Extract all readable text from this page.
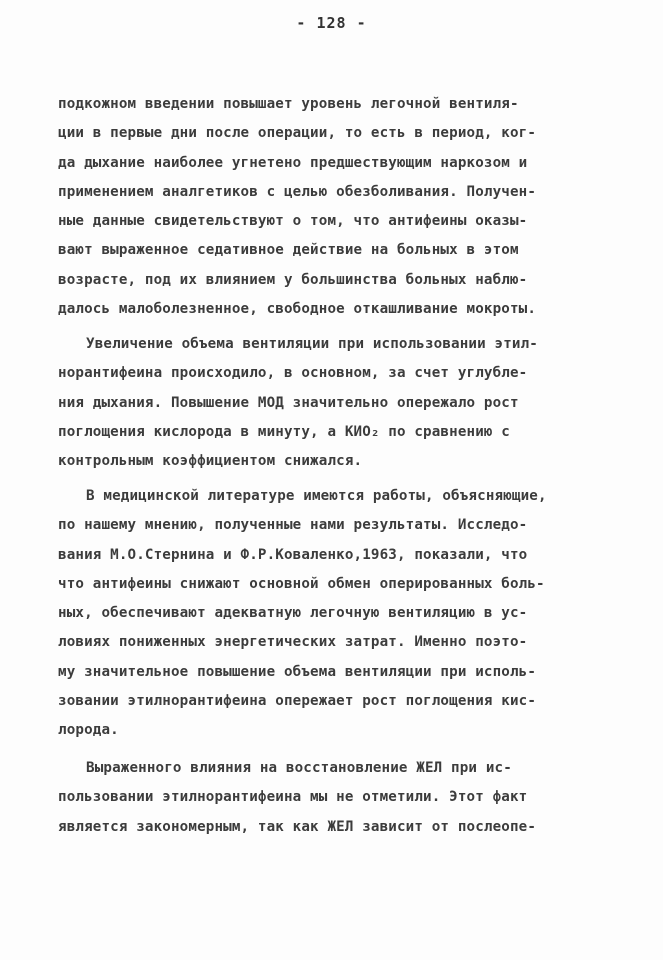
- 128 -
подкожном введении повышает уровень легочной вентиля-
ции в первые дни после операции, то есть в период, ког-
да дыхание наиболее угнетено предшествующим наркозом и
применением аналгетиков с целью обезболивания. Получен-
ные данные свидетельствуют о том, что антифеины оказы-
вают выраженное седативное действие на больных в этом
возрасте, под их влиянием у большинства больных наблю-
далось малоболезненное, свободное откашливание мокроты.
Увеличение объема вентиляции при использовании этил-
норантифеина происходило, в основном, за счет углубле-
ния дыхания. Повышение МОД значительно опережало рост
поглощения кислорода в минуту, а КИО₂ по сравнению с
контрольным коэффициентом снижался.
В медицинской литературе имеются работы, объясняющие,
по нашему мнению, полученные нами результаты. Исследо-
вания М.О.Стернина и Ф.Р.Коваленко,1963, показали, что
что антифеины снижают основной обмен оперированных боль-
ных, обеспечивают адекватную легочную вентиляцию в ус-
ловиях пониженных энергетических затрат. Именно поэто-
му значительное повышение объема вентиляции при исполь-
зовании этилнорантифеина опережает рост поглощения кис-
лорода.
Выраженного влияния на восстановление ЖЕЛ при ис-
пользовании этилнорантифеина мы не отметили. Этот факт
является закономерным, так как ЖЕЛ зависит от послеопе-
